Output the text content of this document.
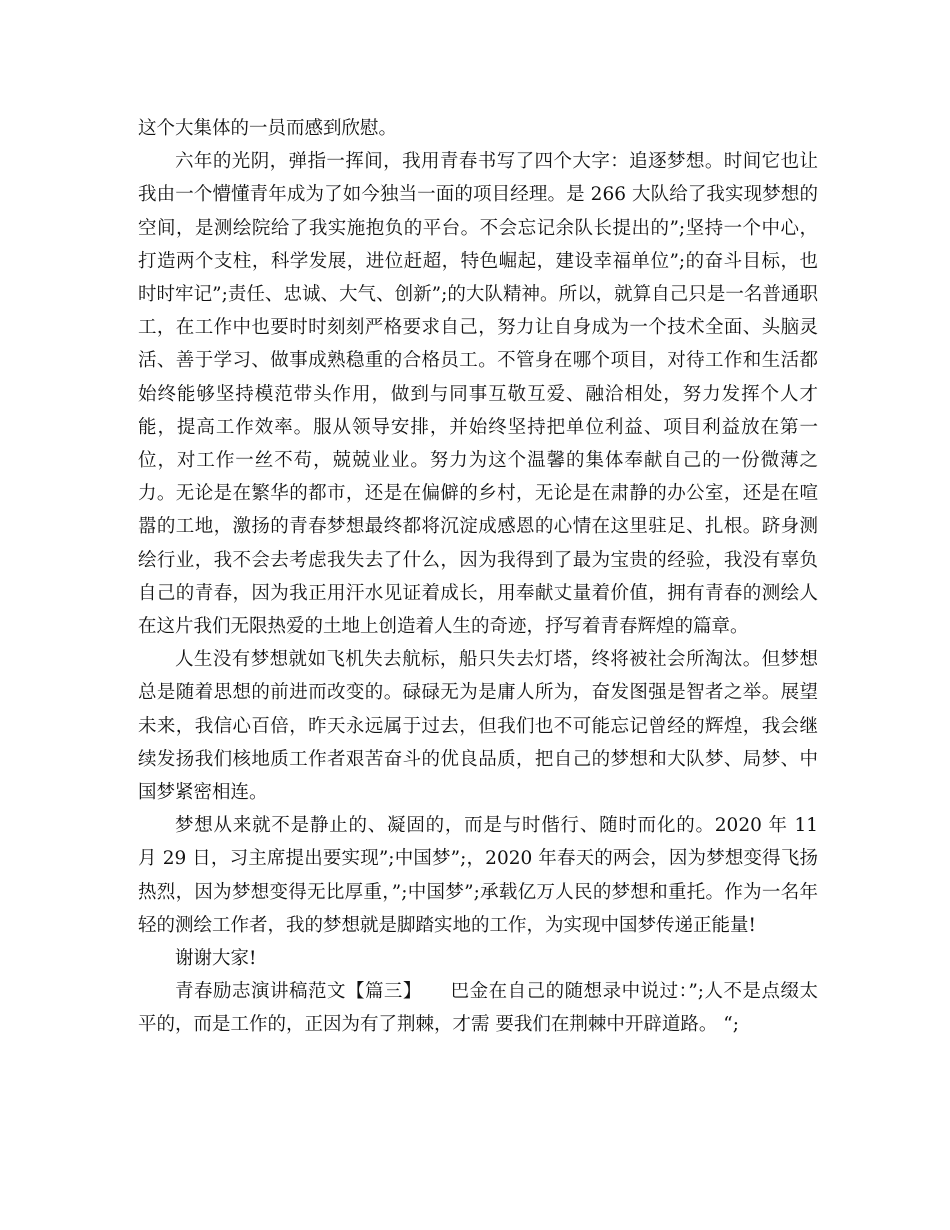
这个大集体的一员而感到欣慰。

六年的光阴，弹指一挥间，我用青春书写了四个大字：追逐梦想。时间它也让我由一个懵懂青年成为了如今独当一面的项目经理。是 266 大队给了我实现梦想的空间，是测绘院给了我实施抱负的平台。不会忘记余队长提出的”;坚持一个中心，打造两个支柱，科学发展，进位赶超，特色崛起，建设幸福单位”;的奋斗目标，也时时牢记”;责任、忠诚、大气、创新”;的大队精神。所以，就算自己只是一名普通职工，在工作中也要时时刻刻严格要求自己，努力让自身成为一个技术全面、头脑灵活、善于学习、做事成熟稳重的合格员工。不管身在哪个项目，对待工作和生活都始终能够坚持模范带头作用，做到与同事互敬互爱、融洽相处，努力发挥个人才能，提高工作效率。服从领导安排，并始终坚持把单位利益、项目利益放在第一位，对工作一丝不苟，兢兢业业。努力为这个温馨的集体奉献自己的一份微薄之力。无论是在繁华的都市，还是在偏僻的乡村，无论是在肃静的办公室，还是在喧嚣的工地，激扬的青春梦想最终都将沉淀成感恩的心情在这里驻足、扎根。跻身测绘行业，我不会去考虑我失去了什么，因为我得到了最为宝贵的经验，我没有辜负自己的青春，因为我正用汗水见证着成长，用奉献丈量着价值，拥有青春的测绘人在这片我们无限热爱的土地上创造着人生的奇迹，抒写着青春辉煌的篇章。

人生没有梦想就如飞机失去航标，船只失去灯塔，终将被社会所淘汰。但梦想总是随着思想的前进而改变的。碌碌无为是庸人所为，奋发图强是智者之举。展望未来，我信心百倍，昨天永远属于过去，但我们也不可能忘记曾经的辉煌，我会继续发扬我们核地质工作者艰苦奋斗的优良品质，把自己的梦想和大队梦、局梦、中国梦紧密相连。

梦想从来就不是静止的、凝固的，而是与时偕行、随时而化的。2020 年 11 月 29 日，习主席提出要实现”;中国梦”;，2020 年春天的两会，因为梦想变得飞扬热烈，因为梦想变得无比厚重，”;中国梦”;承载亿万人民的梦想和重托。作为一名年轻的测绘工作者，我的梦想就是脚踏实地的工作，为实现中国梦传递正能量!

谢谢大家!

青春励志演讲稿范文【篇三】　　巴金在自己的随想录中说过：”;人不是点缀太平的，而是工作的，正因为有了荆棘，才需 要我们在荆棘中开辟道路。 “;
